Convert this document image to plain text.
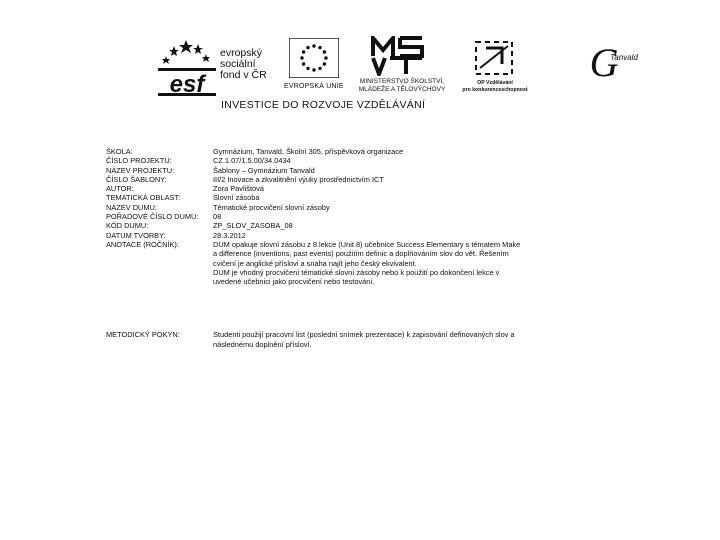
esf
evropský
sociální
fond v ČR
EVROPSKÁ UNIE
MINISTERSTVO ŠKOLSTVÍ,
MLÁDEŽE A TĚLOVÝCHOVY
OP Vzdělávání
pro konkurenceschopnost
INVESTICE DO ROZVOJE VZDĚLÁVÁNÍ
G
Tanvald
ŠKOLA:	Gymnázium, Tanvald, Školní 305, příspěvková organizace
ČÍSLO PROJEKTU:	CZ.1.07/1.5.00/34.0434
NÁZEV PROJEKTU:	Šablony – Gymnázium Tanvald
ČÍSLO ŠABLONY:	III/2 Inovace a zkvalitnění výuky prostřednictvím ICT
AUTOR:	Zora Pavlištová
TEMATICKÁ OBLAST:	Slovní zásoba
NÁZEV DUMU:	Tématické procvičení slovní zásoby
POŘADOVÉ ČÍSLO DUMU:	08
KÓD DUMU:	ZP_SLOV_ZASOBA_08
DATUM TVORBY:	28.3.2012
ANOTACE (ROČNÍK):	DUM opakuje slovní zásobu z 8.lekce (Unit 8) učebnice Success Elementary s tématem Make
a difference (inventions, past events) použitím definic a doplňováním slov do vět. Řešením
cvičení je anglické příslovi a snaha najít jeho český ekvivalent.
DUM je vhodný procvičení tématické slovní zásoby nebo k použití po dokončení lekce v
uvedené učebnici jako procvičení nebo testování.
METODICKÝ POKYN:	Studenti použijí pracovní list (poslední snímek prezentace) k zapisování definovaných slov a
následnému doplnění přísloví.
